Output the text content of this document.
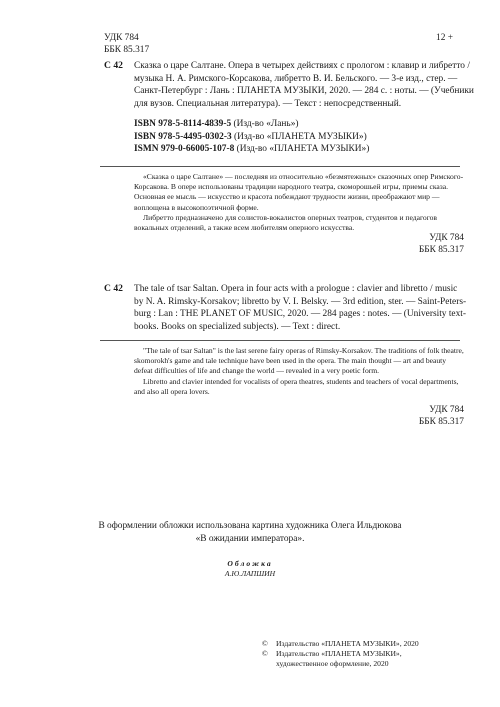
УДК 784
ББК 85.317
12 +
С 42 Сказка о царе Салтане. Опера в четырех действиях с прологом : клавир и либретто /
музыка Н. А. Римского-Корсакова, либретто В. И. Бельского. — 3-е изд., стер. —
Санкт-Петербург : Лань : ПЛАНЕТА МУЗЫКИ, 2020. — 284 с. : ноты. — (Учебники
для вузов. Специальная литература). — Текст : непосредственный.
ISBN 978-5-8114-4839-5 (Изд-во «Лань»)
ISBN 978-5-4495-0302-3 (Изд-во «ПЛАНЕТА МУЗЫКИ»)
ISMN 979-0-66005-107-8 (Изд-во «ПЛАНЕТА МУЗЫКИ»)

«Сказка о царе Салтане» — последняя из относительно «безмятежных» сказочных опер Римского-Корсакова. В опере использованы традиции народного театра, скоморошьей игры, приемы сказа. Основная ее мысль — искусство и красота побеждают трудности жизни, преображают мир — воплощена в высокопоэтичной форме.

Либретто предназначено для солистов-вокалистов оперных театров, студентов и педагогов вокальных отделений, а также всем любителям оперного искусства.

УДК 784
ББК 85.317
С 42 The tale of tsar Saltan. Opera in four acts with a prologue : clavier and libretto / music
by N. A. Rimsky-Korsakov; libretto by V. I. Belsky. — 3rd edition, ster. — Saint-Peters-
burg : Lan : THE PLANET OF MUSIC, 2020. — 284 pages : notes. — (University text-
books. Books on specialized subjects). — Text : direct.

"The tale of tsar Saltan" is the last serene fairy operas of Rimsky-Korsakov. The traditions of folk theatre, skomorokh's game and tale technique have been used in the opera. The main thought — art and beauty defeat difficulties of life and change the world — revealed in a very poetic form.

Libretto and clavier intended for vocalists of opera theatres, students and teachers of vocal departments, and also all opera lovers.

УДК 784
ББК 85.317
В оформлении обложки использована картина художника Олега Ильдюкова
«В ожидании императора».
Обложка
А.Ю.ЛАПШИН
© Издательство «ПЛАНЕТА МУЗЫКИ», 2020
© Издательство «ПЛАНЕТА МУЗЫКИ»,
художественное оформление, 2020
